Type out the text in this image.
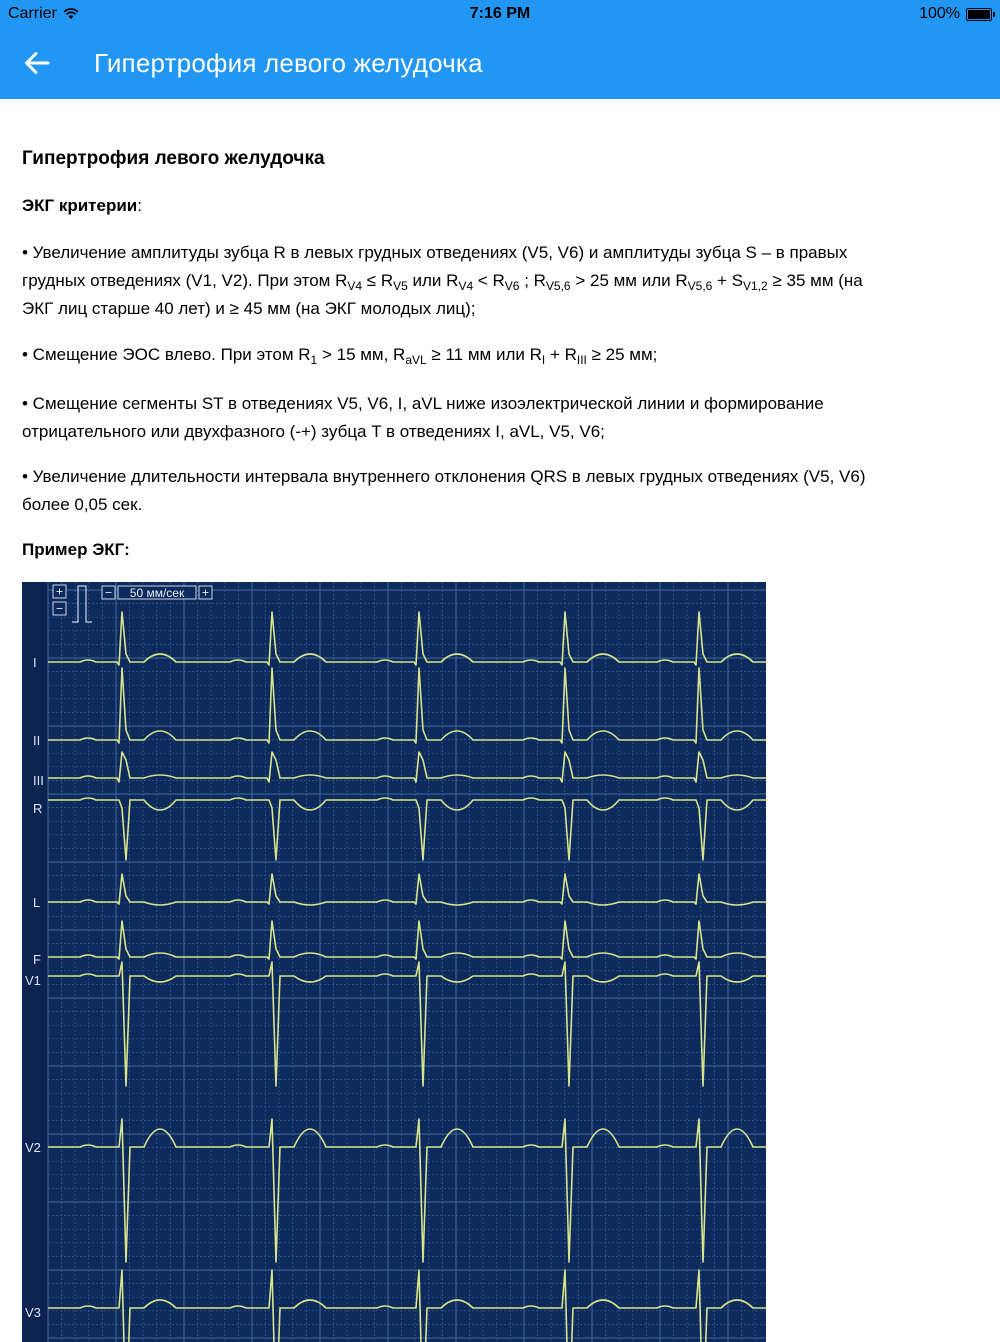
Carrier	7:16 PM	100%
Гипертрофия левого желудочка
Гипертрофия левого желудочка
ЭКГ критерии:
• Увеличение амплитуды зубца R в левых грудных отведениях (V5, V6) и амплитуды зубца S – в правых
грудных отведениях (V1, V2). При этом $R_{V4} \le R_{V5}$ или $R_{V4} < R_{V6}$ ; $R_{V5,6} > 25$ мм или $R_{V5,6} + S_{V1,2} \ge 35$ мм (на
ЭКГ лиц старше 40 лет) и ≥ 45 мм (на ЭКГ молодых лиц);
• Смещение ЭОС влево. При этом $R_1 > 15$ мм, $R_{aVL} \ge 11$ мм или $R_I + R_{III} \ge 25$ мм;
• Смещение сегменты ST в отведениях V5, V6, I, aVL ниже изоэлектрической линии и формирование
отрицательного или двухфазного (-+) зубца T в отведениях I, aVL, V5, V6;
• Увеличение длительности интервала внутреннего отклонения QRS в левых грудных отведениях (V5, V6)
более 0,05 сек.
Пример ЭКГ:
I
II
III
R
L
F
V1
V2
V3
+
−
− 50 мм/сек +
